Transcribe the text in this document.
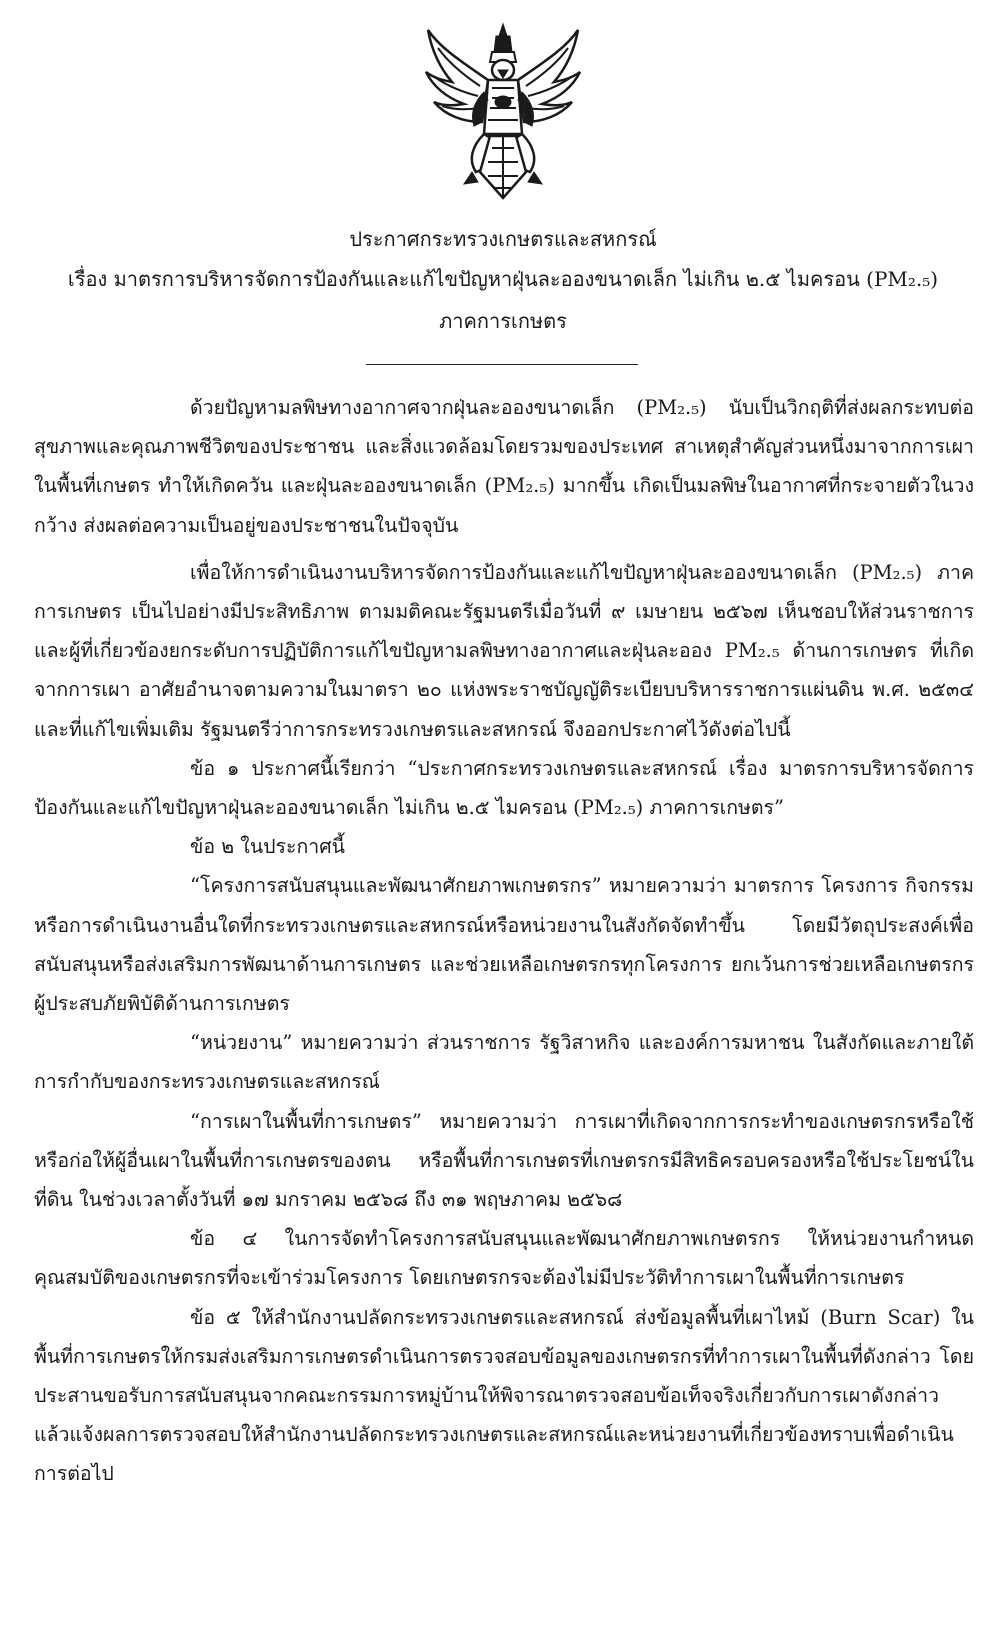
ประกาศกระทรวงเกษตรและสหกรณ์
เรื่อง มาตรการบริหารจัดการป้องกันและแก้ไขปัญหาฝุ่นละอองขนาดเล็ก ไม่เกิน ๒.๕ ไมครอน (PM₂.₅)
ภาคการเกษตร

ด้วยปัญหามลพิษทางอากาศจากฝุ่นละอองขนาดเล็ก (PM₂.₅) นับเป็นวิกฤติที่ส่งผลกระทบต่อสุขภาพและคุณภาพชีวิตของประชาชน และสิ่งแวดล้อมโดยรวมของประเทศ สาเหตุสำคัญส่วนหนึ่งมาจากการเผาในพื้นที่เกษตร ทำให้เกิดควัน และฝุ่นละอองขนาดเล็ก (PM₂.₅) มากขึ้น เกิดเป็นมลพิษในอากาศที่กระจายตัวในวงกว้าง ส่งผลต่อความเป็นอยู่ของประชาชนในปัจจุบัน

เพื่อให้การดำเนินงานบริหารจัดการป้องกันและแก้ไขปัญหาฝุ่นละอองขนาดเล็ก (PM₂.₅) ภาคการเกษตร เป็นไปอย่างมีประสิทธิภาพ ตามมติคณะรัฐมนตรีเมื่อวันที่ ๙ เมษายน ๒๕๖๗ เห็นชอบให้ส่วนราชการและผู้ที่เกี่ยวข้องยกระดับการปฏิบัติการแก้ไขปัญหามลพิษทางอากาศและฝุ่นละออง PM₂.₅ ด้านการเกษตร ที่เกิดจากการเผา อาศัยอำนาจตามความในมาตรา ๒๐ แห่งพระราชบัญญัติระเบียบบริหารราชการแผ่นดิน พ.ศ. ๒๕๓๔ และที่แก้ไขเพิ่มเติม รัฐมนตรีว่าการกระทรวงเกษตรและสหกรณ์ จึงออกประกาศไว้ดังต่อไปนี้

ข้อ ๑ ประกาศนี้เรียกว่า “ประกาศกระทรวงเกษตรและสหกรณ์ เรื่อง มาตรการบริหารจัดการป้องกันและแก้ไขปัญหาฝุ่นละอองขนาดเล็ก ไม่เกิน ๒.๕ ไมครอน (PM₂.₅) ภาคการเกษตร”

ข้อ ๒ ในประกาศนี้

“โครงการสนับสนุนและพัฒนาศักยภาพเกษตรกร” หมายความว่า มาตรการ โครงการ กิจกรรม หรือการดำเนินงานอื่นใดที่กระทรวงเกษตรและสหกรณ์หรือหน่วยงานในสังกัดจัดทำขึ้น โดยมีวัตถุประสงค์เพื่อสนับสนุนหรือส่งเสริมการพัฒนาด้านการเกษตร และช่วยเหลือเกษตรกรทุกโครงการ ยกเว้นการช่วยเหลือเกษตรกรผู้ประสบภัยพิบัติด้านการเกษตร

“หน่วยงาน” หมายความว่า ส่วนราชการ รัฐวิสาหกิจ และองค์การมหาชน ในสังกัดและภายใต้การกำกับของกระทรวงเกษตรและสหกรณ์

“การเผาในพื้นที่การเกษตร” หมายความว่า การเผาที่เกิดจากการกระทำของเกษตรกรหรือใช้หรือก่อให้ผู้อื่นเผาในพื้นที่การเกษตรของตน หรือพื้นที่การเกษตรที่เกษตรกรมีสิทธิครอบครองหรือใช้ประโยชน์ในที่ดิน ในช่วงเวลาตั้งวันที่ ๑๗ มกราคม ๒๕๖๘ ถึง ๓๑ พฤษภาคม ๒๕๖๘

ข้อ ๔ ในการจัดทำโครงการสนับสนุนและพัฒนาศักยภาพเกษตรกร ให้หน่วยงานกำหนดคุณสมบัติของเกษตรกรที่จะเข้าร่วมโครงการ โดยเกษตรกรจะต้องไม่มีประวัติทำการเผาในพื้นที่การเกษตร

ข้อ ๕ ให้สำนักงานปลัดกระทรวงเกษตรและสหกรณ์ ส่งข้อมูลพื้นที่เผาไหม้ (Burn Scar) ในพื้นที่การเกษตรให้กรมส่งเสริมการเกษตรดำเนินการตรวจสอบข้อมูลของเกษตรกรที่ทำการเผาในพื้นที่ดังกล่าว โดยประสานขอรับการสนับสนุนจากคณะกรรมการหมู่บ้านให้พิจารณาตรวจสอบข้อเท็จจริงเกี่ยวกับการเผาดังกล่าว แล้วแจ้งผลการตรวจสอบให้สำนักงานปลัดกระทรวงเกษตรและสหกรณ์และหน่วยงานที่เกี่ยวข้องทราบเพื่อดำเนินการต่อไป
